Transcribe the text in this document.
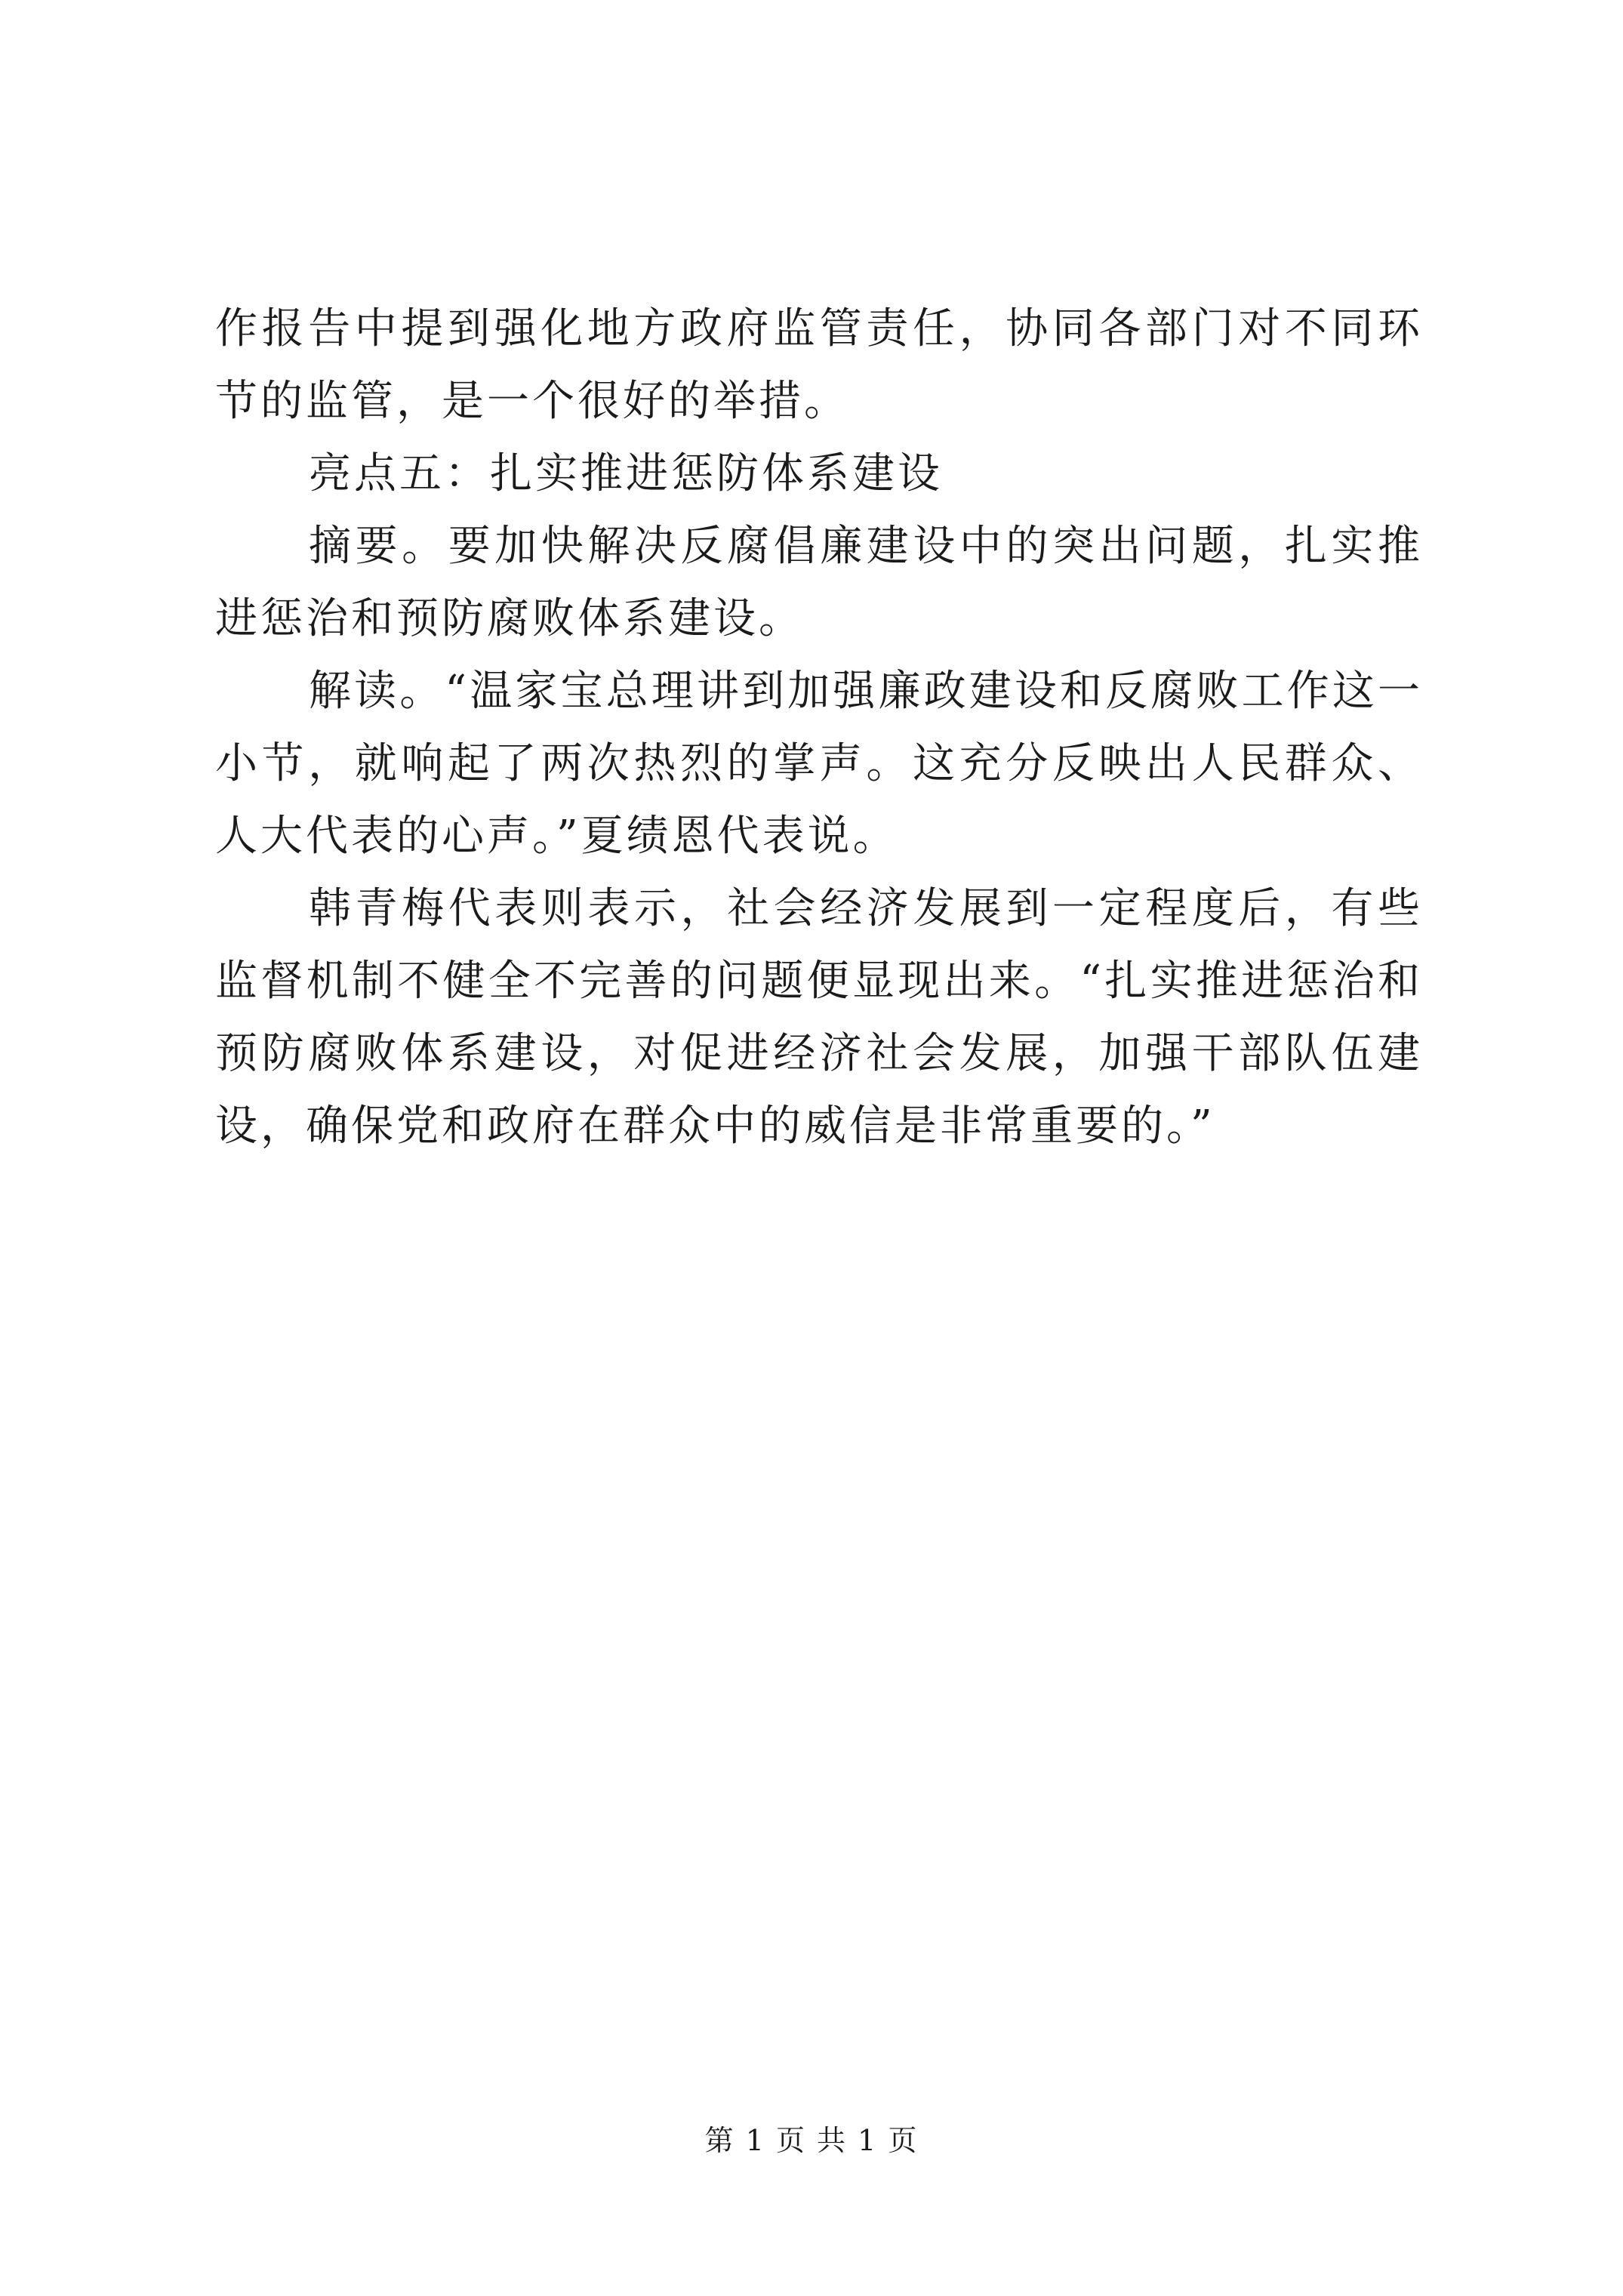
作报告中提到强化地方政府监管责任，协同各部门对不同环节的监管，是一个很好的举措。

亮点五：扎实推进惩防体系建设

摘要。要加快解决反腐倡廉建设中的突出问题，扎实推进惩治和预防腐败体系建设。

解读。“温家宝总理讲到加强廉政建设和反腐败工作这一小节，就响起了两次热烈的掌声。这充分反映出人民群众、人大代表的心声。”夏绩恩代表说。

韩青梅代表则表示，社会经济发展到一定程度后，有些监督机制不健全不完善的问题便显现出来。“扎实推进惩治和预防腐败体系建设，对促进经济社会发展，加强干部队伍建设，确保党和政府在群众中的威信是非常重要的。”

第 1 页 共 1 页
